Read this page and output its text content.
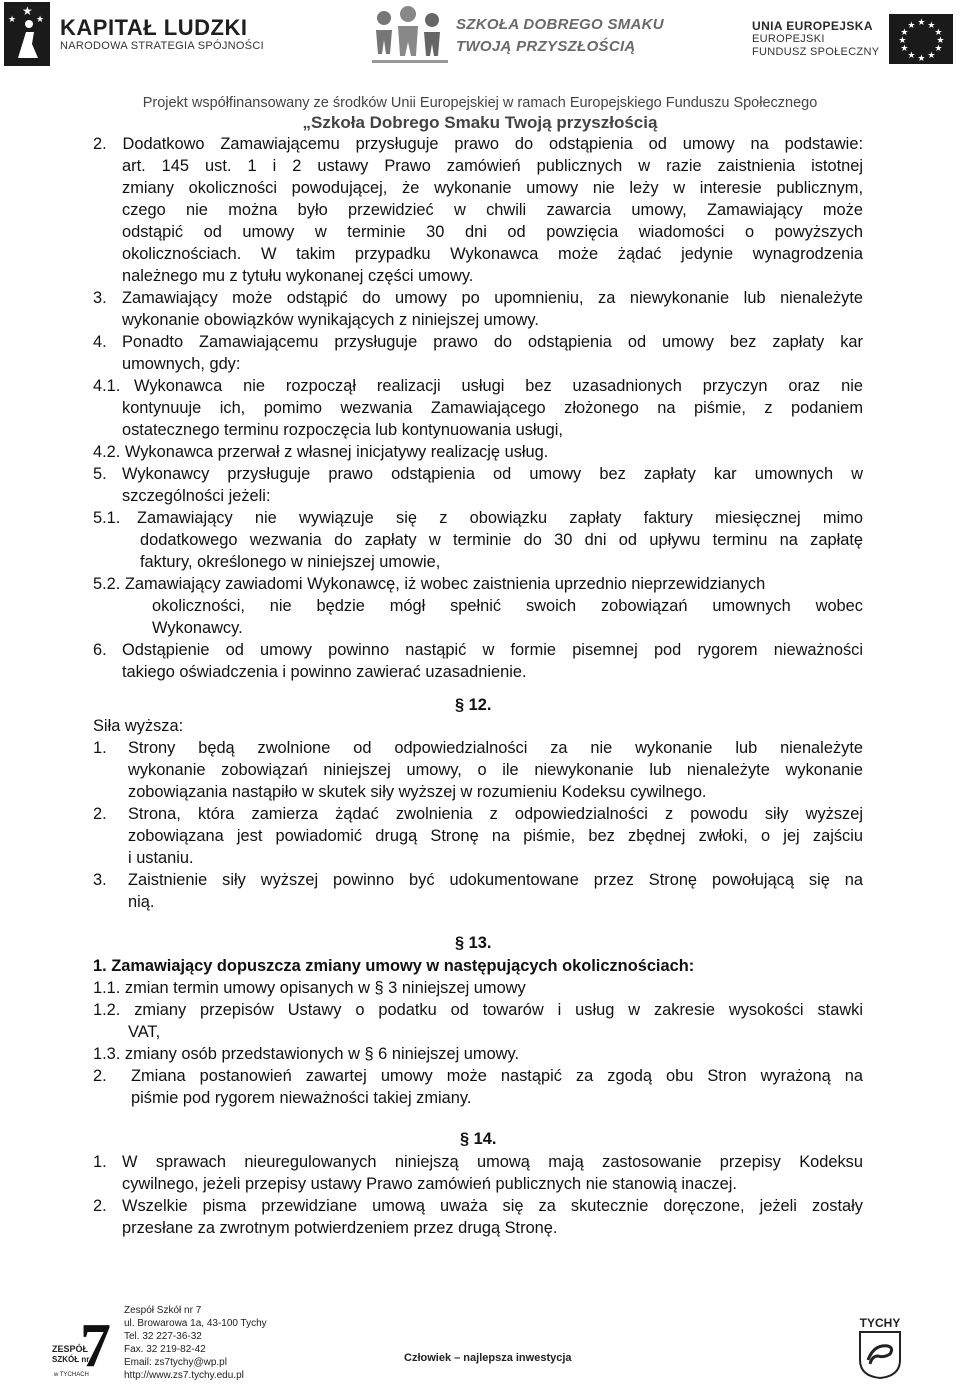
★
★ ★ KAPITAŁ LUDZKI
NARODOWA STRATEGIA SPÓJNOŚCI
SZKOŁA DOBREGO SMAKU
TWOJĄ PRZYSZŁOŚCIĄ
UNIA EUROPEJSKA
EUROPEJSKI
FUNDUSZ SPOŁECZNY
★ ★
★
★
★
★
★
★
★
★
★
★
Projekt współfinansowany ze środków Unii Europejskiej w ramach Europejskiego Funduszu Społecznego
„Szkoła Dobrego Smaku Twoją przyszłością
2. Dodatkowo Zamawiającemu przysługuje prawo do odstąpienia od umowy na podstawie:
art. 145 ust. 1 i 2 ustawy Prawo zamówień publicznych w razie zaistnienia istotnej
zmiany okoliczności powodującej, że wykonanie umowy nie leży w interesie publicznym,
czego nie można było przewidzieć w chwili zawarcia umowy, Zamawiający może
odstąpić od umowy w terminie 30 dni od powzięcia wiadomości o powyższych
okolicznościach. W takim przypadku Wykonawca może żądać jedynie wynagrodzenia
należnego mu z tytułu wykonanej części umowy.
3. Zamawiający może odstąpić do umowy po upomnieniu, za niewykonanie lub nienależyte
wykonanie obowiązków wynikających z niniejszej umowy.
4. Ponadto Zamawiającemu przysługuje prawo do odstąpienia od umowy bez zapłaty kar
umownych, gdy:
4.1. Wykonawca nie rozpoczął realizacji usługi bez uzasadnionych przyczyn oraz nie
kontynuuje ich, pomimo wezwania Zamawiającego złożonego na piśmie, z podaniem
ostatecznego terminu rozpoczęcia lub kontynuowania usługi,
4.2. Wykonawca przerwał z własnej inicjatywy realizację usług.
5. Wykonawcy przysługuje prawo odstąpienia od umowy bez zapłaty kar umownych w
szczególności jeżeli:
5.1. Zamawiający nie wywiązuje się z obowiązku zapłaty faktury miesięcznej mimo
dodatkowego wezwania do zapłaty w terminie do 30 dni od upływu terminu na zapłatę
faktury, określonego w niniejszej umowie,
5.2. Zamawiający zawiadomi Wykonawcę, iż wobec zaistnienia uprzednio nieprzewidzianych
okoliczności, nie będzie mógł spełnić swoich zobowiązań umownych wobec
Wykonawcy.
6. Odstąpienie od umowy powinno nastąpić w formie pisemnej pod rygorem nieważności
takiego oświadczenia i powinno zawierać uzasadnienie.
§ 12.
Siła wyższa:
1. Strony będą zwolnione od odpowiedzialności za nie wykonanie lub nienależyte
wykonanie zobowiązań niniejszej umowy, o ile niewykonanie lub nienależyte wykonanie
zobowiązania nastąpiło w skutek siły wyższej w rozumieniu Kodeksu cywilnego.
2. Strona, która zamierza żądać zwolnienia z odpowiedzialności z powodu siły wyższej
zobowiązana jest powiadomić drugą Stronę na piśmie, bez zbędnej zwłoki, o jej zajściu
i ustaniu.
3. Zaistnienie siły wyższej powinno być udokumentowane przez Stronę powołującą się na
nią.
§ 13.
1. Zamawiający dopuszcza zmiany umowy w następujących okolicznościach:
1.1. zmian termin umowy opisanych w § 3 niniejszej umowy
1.2. zmiany przepisów Ustawy o podatku od towarów i usług w zakresie wysokości stawki
VAT,
1.3. zmiany osób przedstawionych w § 6 niniejszej umowy.
2. Zmiana postanowień zawartej umowy może nastąpić za zgodą obu Stron wyrażoną na
piśmie pod rygorem nieważności takiej zmiany.
§ 14.
1. W sprawach nieuregulowanych niniejszą umową mają zastosowanie przepisy Kodeksu
cywilnego, jeżeli przepisy ustawy Prawo zamówień publicznych nie stanowią inaczej.
2. Wszelkie pisma przewidziane umową uważa się za skutecznie doręczone, jeżeli zostały
przesłane za zwrotnym potwierdzeniem przez drugą Stronę.
ZESPÓŁ
SZKÓŁ nr
7
w TYCHACH
Zespół Szkół nr 7
ul. Browarowa 1a, 43-100 Tychy
Tel. 32 227-36-32
Fax. 32 219-82-42
Email: zs7tychy@wp.pl
http://www.zs7.tychy.edu.pl
Człowiek – najlepsza inwestycja
TYCHY
